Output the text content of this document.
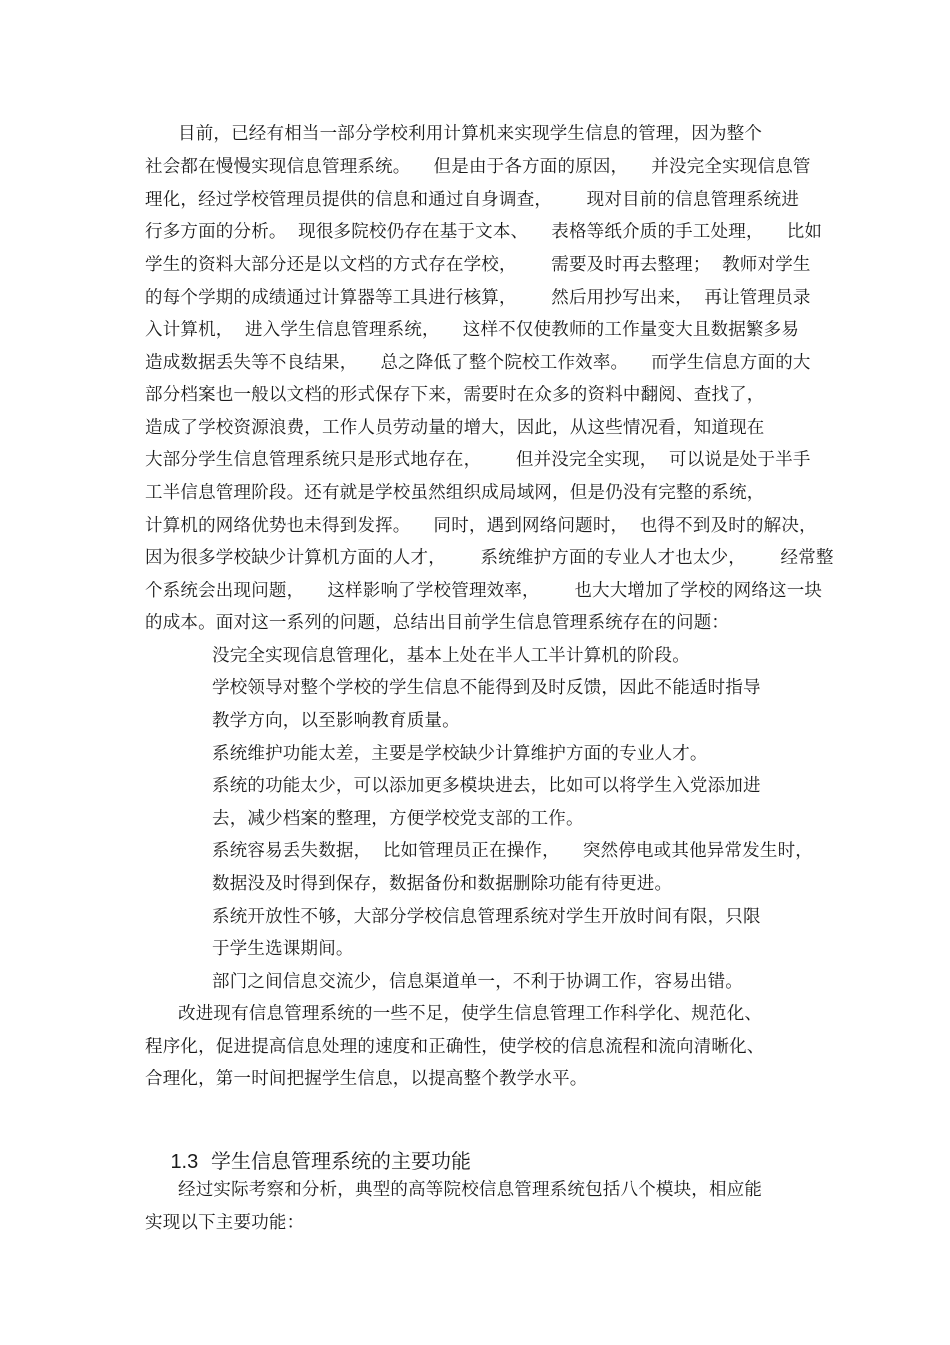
目前，已经有相当一部分学校利用计算机来实现学生信息的管理，因为整个
社会都在慢慢实现信息管理系统。    但是由于各方面的原因，    并没完全实现信息管
理化，经过学校管理员提供的信息和通过自身调查，      现对目前的信息管理系统进
行多方面的分析。  现很多院校仍存在基于文本、    表格等纸介质的手工处理，    比如
学生的资料大部分还是以文档的方式存在学校，      需要及时再去整理；  教师对学生
的每个学期的成绩通过计算器等工具进行核算，      然后用抄写出来，  再让管理员录
入计算机，  进入学生信息管理系统，    这样不仅使教师的工作量变大且数据繁多易
造成数据丢失等不良结果，    总之降低了整个院校工作效率。    而学生信息方面的大
部分档案也一般以文档的形式保存下来，需要时在众多的资料中翻阅、查找了，
造成了学校资源浪费，工作人员劳动量的增大，因此，从这些情况看，知道现在
大部分学生信息管理系统只是形式地存在，      但并没完全实现，  可以说是处于半手
工半信息管理阶段。还有就是学校虽然组织成局域网，但是仍没有完整的系统，
计算机的网络优势也未得到发挥。    同时，遇到网络问题时，  也得不到及时的解决，
因为很多学校缺少计算机方面的人才，      系统维护方面的专业人才也太少，      经常整
个系统会出现问题，    这样影响了学校管理效率，      也大大增加了学校的网络这一块
的成本。面对这一系列的问题，总结出目前学生信息管理系统存在的问题：
没完全实现信息管理化，基本上处在半人工半计算机的阶段。
学校领导对整个学校的学生信息不能得到及时反馈，因此不能适时指导
教学方向，以至影响教育质量。
系统维护功能太差，主要是学校缺少计算维护方面的专业人才。
系统的功能太少，可以添加更多模块进去，比如可以将学生入党添加进
去，减少档案的整理，方便学校党支部的工作。
系统容易丢失数据，  比如管理员正在操作，    突然停电或其他异常发生时，
数据没及时得到保存，数据备份和数据删除功能有待更进。
系统开放性不够，大部分学校信息管理系统对学生开放时间有限，只限
于学生选课期间。
部门之间信息交流少，信息渠道单一，不利于协调工作，容易出错。
改进现有信息管理系统的一些不足，使学生信息管理工作科学化、规范化、
程序化，促进提高信息处理的速度和正确性，使学校的信息流程和流向清晰化、
合理化，第一时间把握学生信息，以提高整个教学水平。

1.3 学生信息管理系统的主要功能

经过实际考察和分析，典型的高等院校信息管理系统包括八个模块，相应能
实现以下主要功能：
